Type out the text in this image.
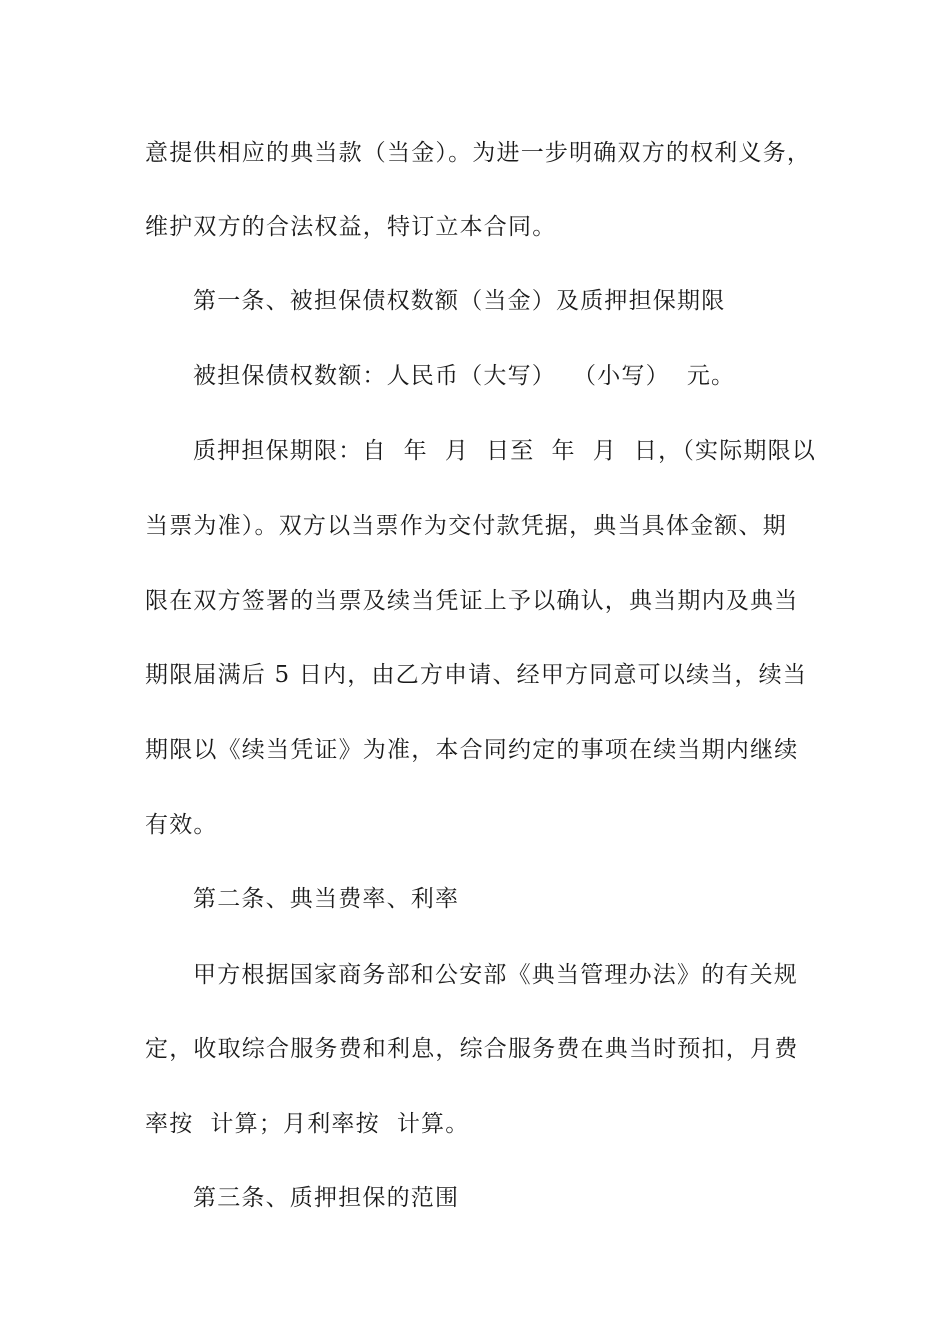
意提供相应的典当款（当金）。为进一步明确双方的权利义务，
维护双方的合法权益，特订立本合同。
第一条、被担保债权数额（当金）及质押担保期限
被担保债权数额：人民币（大写）  （小写）  元。
质押担保期限：自  年  月  日至  年  月  日，（实际期限以
当票为准）。双方以当票作为交付款凭据，典当具体金额、期
限在双方签署的当票及续当凭证上予以确认，典当期内及典当
期限届满后 5 日内，由乙方申请、经甲方同意可以续当，续当
期限以《续当凭证》为准，本合同约定的事项在续当期内继续
有效。
第二条、典当费率、利率
甲方根据国家商务部和公安部《典当管理办法》的有关规
定，收取综合服务费和利息，综合服务费在典当时预扣，月费
率按  计算；月利率按  计算。
第三条、质押担保的范围
